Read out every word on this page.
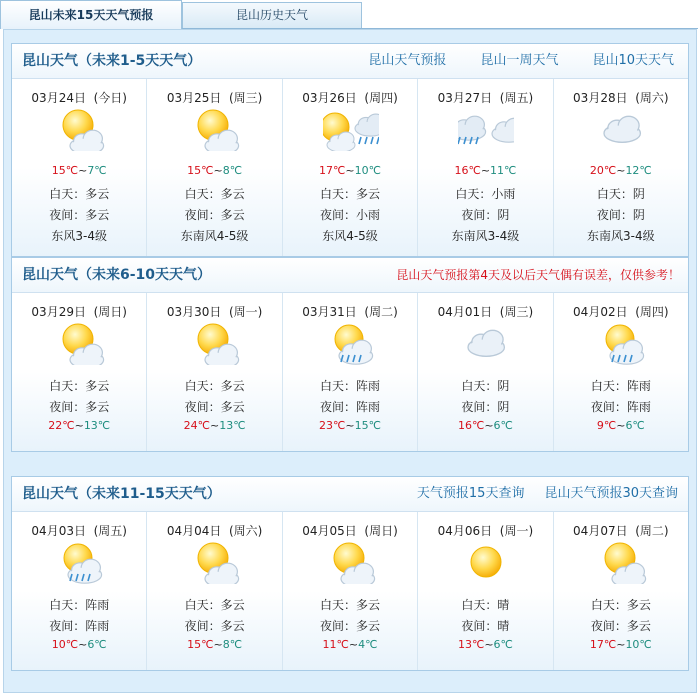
昆山未来15天天气预报	昆山历史天气
昆山天气（未来1-5天天气）	昆山天气预报	昆山一周天气	昆山10天天气
03月24日  (今日)
15℃~7℃
白天：多云
夜间：多云
东风3-4级
03月25日  (周三)
15℃~8℃
白天：多云
夜间：多云
东南风4-5级
03月26日  (周四)
17℃~10℃
白天：多云
夜间：小雨
东风4-5级
03月27日  (周五)
16℃~11℃
白天：小雨
夜间：阴
东南风3-4级
03月28日  (周六)
20℃~12℃
白天：阴
夜间：阴
东南风3-4级
昆山天气（未来6-10天天气）	昆山天气预报第4天及以后天气偶有误差，仅供参考！
03月29日  (周日)
白天：多云
夜间：多云
22℃~13℃
03月30日  (周一)
白天：多云
夜间：多云
24℃~13℃
03月31日  (周二)
白天：阵雨
夜间：阵雨
23℃~15℃
04月01日  (周三)
白天：阴
夜间：阴
16℃~6℃
04月02日  (周四)
白天：阵雨
夜间：阵雨
9℃~6℃
昆山天气（未来11-15天天气）	天气预报15天查询 昆山天气预报30天查询
04月03日  (周五)
白天：阵雨
夜间：阵雨
10℃~6℃
04月04日  (周六)
白天：多云
夜间：多云
15℃~8℃
04月05日  (周日)
白天：多云
夜间：多云
11℃~4℃
04月06日  (周一)
白天：晴
夜间：晴
13℃~6℃
04月07日  (周二)
白天：多云
夜间：多云
17℃~10℃
